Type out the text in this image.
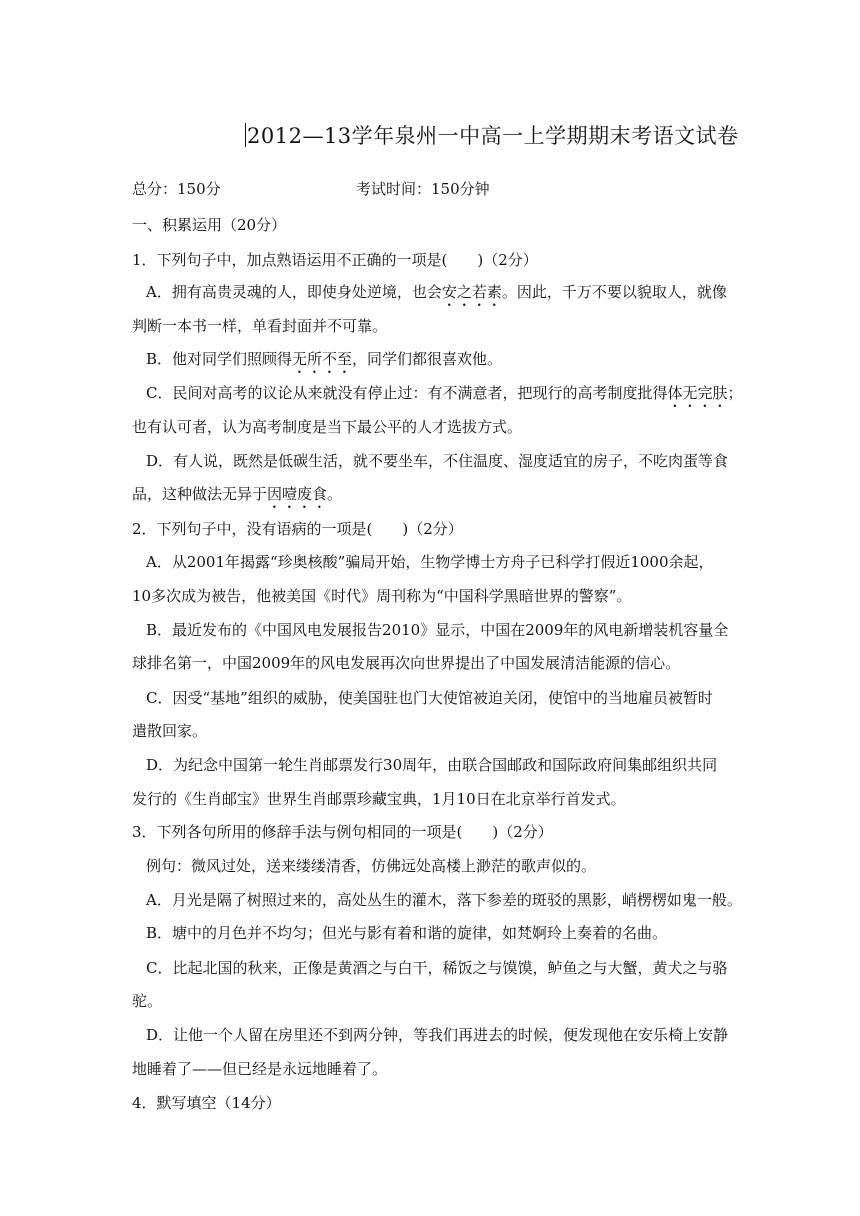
2012—13学年泉州一中高一上学期期末考语文试卷
总分：150分	考试时间：150分钟
一、积累运用（20分）
1．下列句子中，加点熟语运用不正确的一项是( )（2分）
A．拥有高贵灵魂的人，即使身处逆境，也会安之若素。因此，千万不要以貌取人，就像
判断一本书一样，单看封面并不可靠。
B．他对同学们照顾得无所不至，同学们都很喜欢他。
C．民间对高考的议论从来就没有停止过：有不满意者，把现行的高考制度批得体无完肤；
也有认可者，认为高考制度是当下最公平的人才选拔方式。
D．有人说，既然是低碳生活，就不要坐车，不住温度、湿度适宜的房子，不吃肉蛋等食
品，这种做法无异于因噎废食。
2．下列句子中，没有语病的一项是( )（2分）
A．从2001年揭露“珍奥核酸”骗局开始，生物学博士方舟子已科学打假近1000余起，
10多次成为被告，他被美国《时代》周刊称为“中国科学黑暗世界的警察”。
B．最近发布的《中国风电发展报告2010》显示，中国在2009年的风电新增装机容量全
球排名第一，中国2009年的风电发展再次向世界提出了中国发展清洁能源的信心。
C．因受“基地”组织的威胁，使美国驻也门大使馆被迫关闭，使馆中的当地雇员被暂时
遣散回家。
D．为纪念中国第一轮生肖邮票发行30周年，由联合国邮政和国际政府间集邮组织共同
发行的《生肖邮宝》世界生肖邮票珍藏宝典，1月10日在北京举行首发式。
3．下列各句所用的修辞手法与例句相同的一项是( )（2分）
例句：微风过处，送来缕缕清香，仿佛远处高楼上渺茫的歌声似的。
A．月光是隔了树照过来的，高处丛生的灌木，落下参差的斑驳的黑影，峭楞楞如鬼一般。
B．塘中的月色并不均匀；但光与影有着和谐的旋律，如梵婀玲上奏着的名曲。
C．比起北国的秋来，正像是黄酒之与白干，稀饭之与馍馍，鲈鱼之与大蟹，黄犬之与骆
驼。
D．让他一个人留在房里还不到两分钟，等我们再进去的时候，便发现他在安乐椅上安静
地睡着了——但已经是永远地睡着了。
4．默写填空（14分）
